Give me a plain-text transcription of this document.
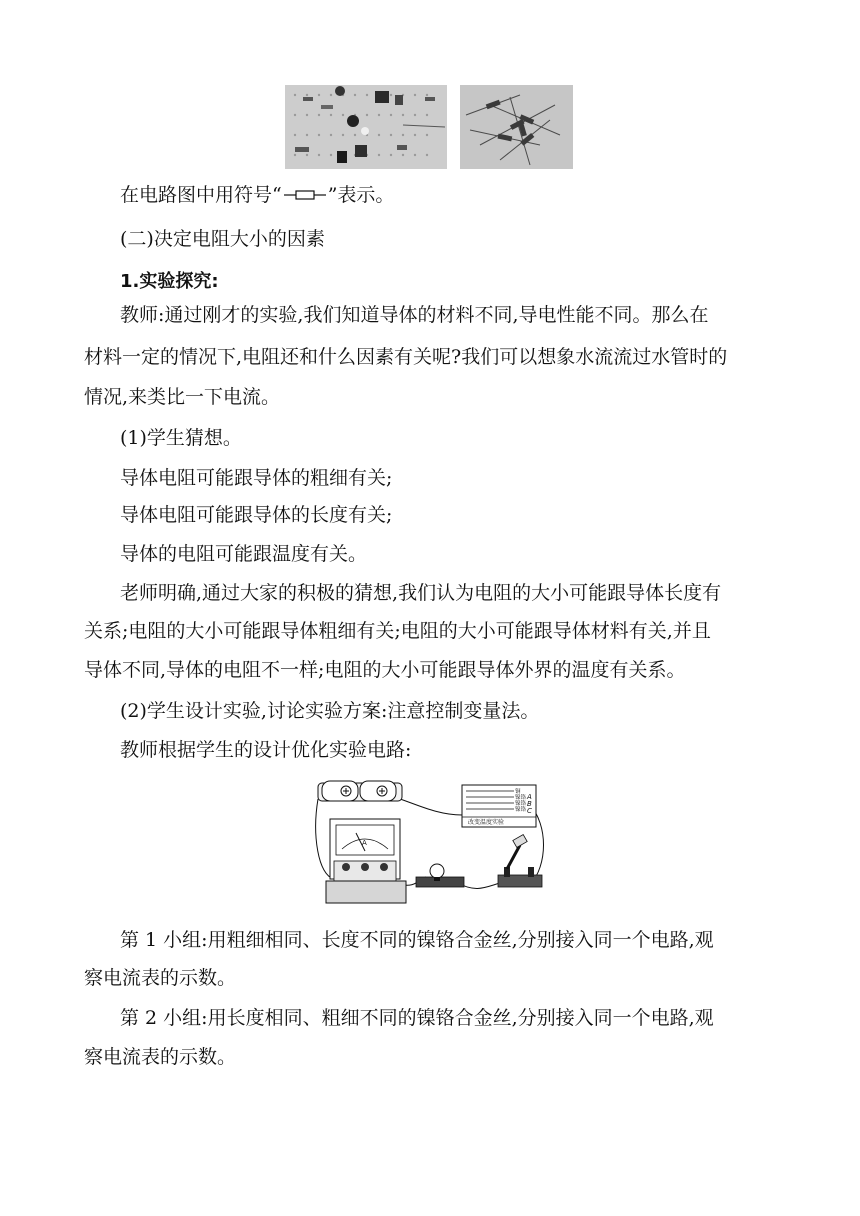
在电路图中用符号“ ”表示。

(二)决定电阻大小的因素

1.实验探究:

教师:通过刚才的实验,我们知道导体的材料不同,导电性能不同。那么在
材料一定的情况下,电阻还和什么因素有关呢?我们可以想象水流流过水管时的
情况,来类比一下电流。

(1)学生猜想。

导体电阻可能跟导体的粗细有关;

导体电阻可能跟导体的长度有关;

导体的电阻可能跟温度有关。

老师明确,通过大家的积极的猜想,我们认为电阻的大小可能跟导体长度有
关系;电阻的大小可能跟导体粗细有关;电阻的大小可能跟导体材料有关,并且
导体不同,导体的电阻不一样;电阻的大小可能跟导体外界的温度有关系。

(2)学生设计实验,讨论实验方案:注意控制变量法。

教师根据学生的设计优化实验电路:

铜
镍铬
镍铬
镍铬
A
B
C
改变温度实验
A
第 1 小组:用粗细相同、长度不同的镍铬合金丝,分别接入同一个电路,观
察电流表的示数。
第 2 小组:用长度相同、粗细不同的镍铬合金丝,分别接入同一个电路,观
察电流表的示数。
